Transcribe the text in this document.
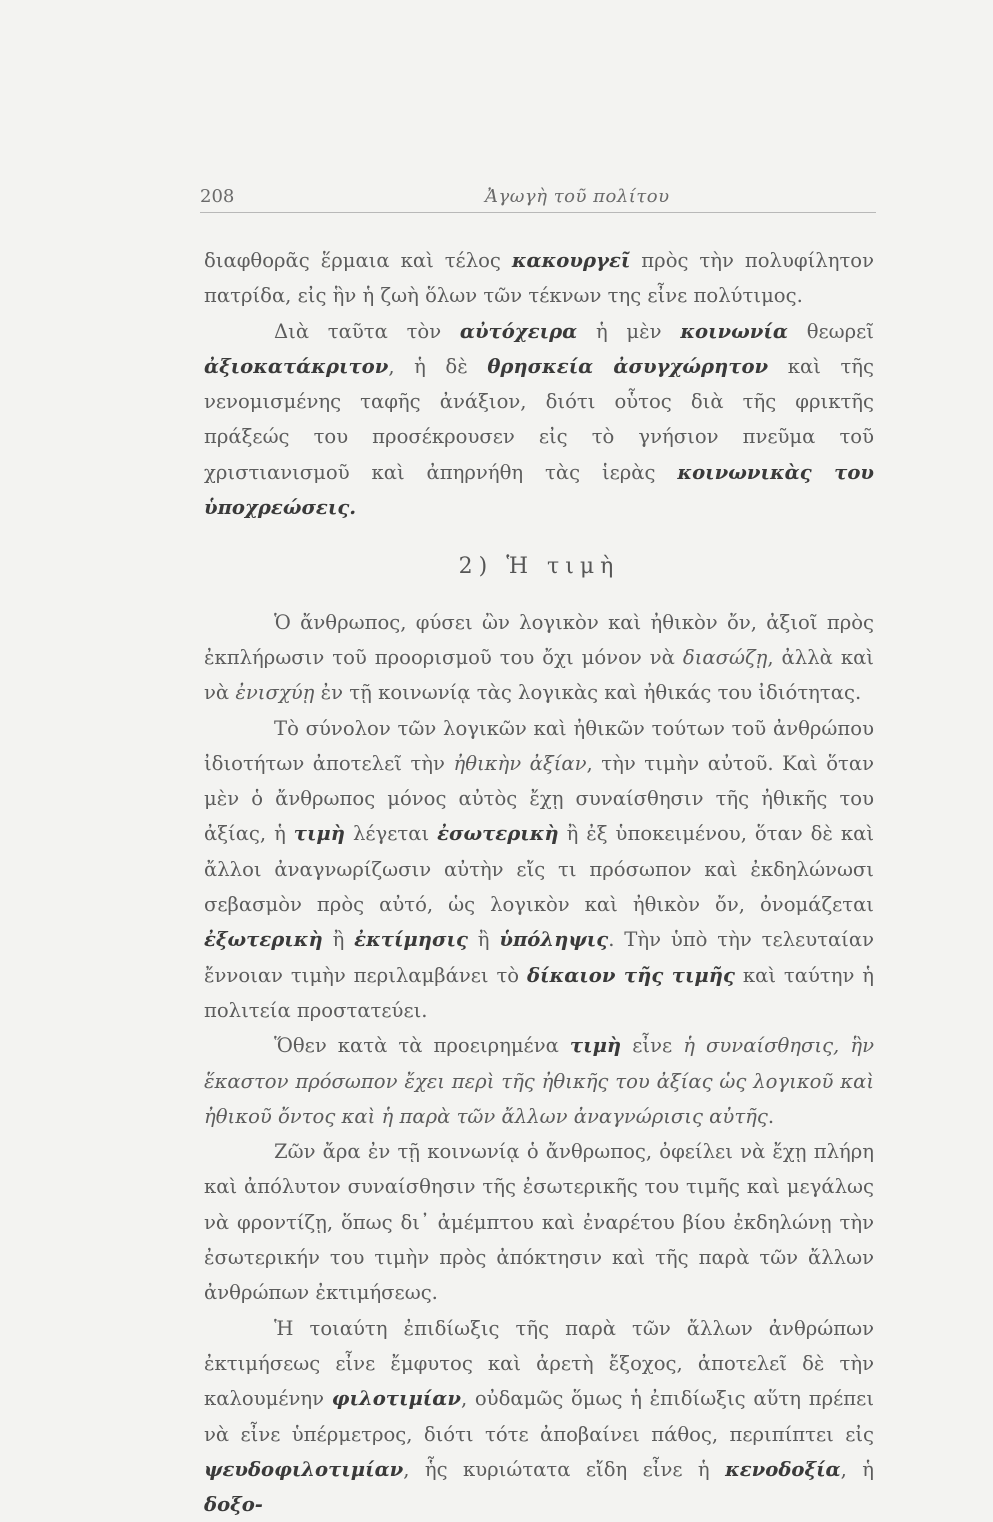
208	Ἀγωγὴ τοῦ πολίτου

διαφθορᾶς ἕρμαια καὶ τέλος κακουργεῖ πρὸς τὴν πολυφίλητον πατρίδα, εἰς ἣν ἡ ζωὴ ὅλων τῶν τέκνων της εἶνε πολύτιμος.

Διὰ ταῦτα τὸν αὐτόχειρα ἡ μὲν κοινωνία θεωρεῖ ἀξιοκατάκριτον, ἡ δὲ θρησκεία ἀσυγχώρητον καὶ τῆς νενομισμένης ταφῆς ἀνάξιον, διότι οὗτος διὰ τῆς φρικτῆς πράξεώς του προσέκρουσεν εἰς τὸ γνήσιον πνεῦμα τοῦ χριστιανισμοῦ καὶ ἀπηρνήθη τὰς ἱερὰς κοινωνικὰς του ὑποχρεώσεις.

2) Ἡ τιμὴ

Ὁ ἄνθρωπος, φύσει ὢν λογικὸν καὶ ἠθικὸν ὄν, ἀξιοῖ πρὸς ἐκπλήρωσιν τοῦ προορισμοῦ του ὄχι μόνον νὰ διασώζῃ, ἀλλὰ καὶ νὰ ἐνισχύῃ ἐν τῇ κοινωνίᾳ τὰς λογικὰς καὶ ἠθικάς του ἰδιότητας.

Τὸ σύνολον τῶν λογικῶν καὶ ἠθικῶν τούτων τοῦ ἀνθρώπου ἰδιοτήτων ἀποτελεῖ τὴν ἠθικὴν ἀξίαν, τὴν τιμὴν αὐτοῦ. Καὶ ὅταν μὲν ὁ ἄνθρωπος μόνος αὐτὸς ἔχῃ συναίσθησιν τῆς ἠθικῆς του ἀξίας, ἡ τιμὴ λέγεται ἐσωτερικὴ ἢ ἐξ ὑποκειμένου, ὅταν δὲ καὶ ἄλλοι ἀναγνωρίζωσιν αὐτὴν εἴς τι πρόσωπον καὶ ἐκδηλώνωσι σεβασμὸν πρὸς αὐτό, ὡς λογικὸν καὶ ἠθικὸν ὄν, ὀνομάζεται ἐξωτερικὴ ἢ ἐκτίμησις ἢ ὑπόληψις. Τὴν ὑπὸ τὴν τελευταίαν ἔννοιαν τιμὴν περιλαμβάνει τὸ δίκαιον τῆς τιμῆς καὶ ταύτην ἡ πολιτεία προστατεύει.

Ὅθεν κατὰ τὰ προειρημένα τιμὴ εἶνε ἡ συναίσθησις, ἣν ἕκαστον πρόσωπον ἔχει περὶ τῆς ἠθικῆς του ἀξίας ὡς λογικοῦ καὶ ἠθικοῦ ὄντος καὶ ἡ παρὰ τῶν ἄλλων ἀναγνώρισις αὐτῆς.

Ζῶν ἄρα ἐν τῇ κοινωνίᾳ ὁ ἄνθρωπος, ὀφείλει νὰ ἔχῃ πλήρη καὶ ἀπόλυτον συναίσθησιν τῆς ἐσωτερικῆς του τιμῆς καὶ μεγάλως νὰ φροντίζῃ, ὅπως δι᾿ ἀμέμπτου καὶ ἐναρέτου βίου ἐκδηλώνῃ τὴν ἐσωτερικήν του τιμὴν πρὸς ἀπόκτησιν καὶ τῆς παρὰ τῶν ἄλλων ἀνθρώπων ἐκτιμήσεως.

Ἡ τοιαύτη ἐπιδίωξις τῆς παρὰ τῶν ἄλλων ἀνθρώπων ἐκτιμήσεως εἶνε ἔμφυτος καὶ ἀρετὴ ἔξοχος, ἀποτελεῖ δὲ τὴν καλουμένην φιλοτιμίαν, οὐδαμῶς ὅμως ἡ ἐπιδίωξις αὕτη πρέπει νὰ εἶνε ὑπέρμετρος, διότι τότε ἀποβαίνει πάθος, περιπίπτει εἰς ψευδοφιλοτιμίαν, ἧς κυριώτατα εἴδη εἶνε ἡ κενοδοξία, ἡ δοξο-
